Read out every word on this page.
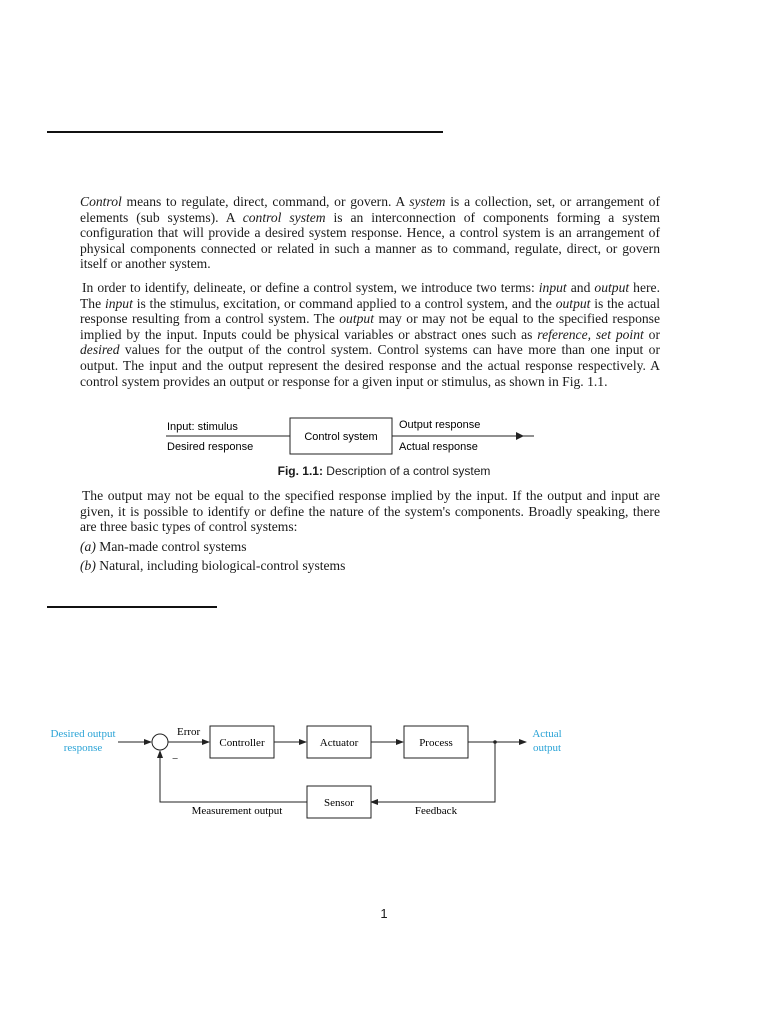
Control means to regulate, direct, command, or govern. A system is a collection, set, or arrangement of elements (sub systems). A control system is an interconnection of components forming a system configuration that will provide a desired system response. Hence, a control system is an arrangement of physical components connected or related in such a manner as to command, regulate, direct, or govern itself or another system.
In order to identify, delineate, or define a control system, we introduce two terms: input and output here. The input is the stimulus, excitation, or command applied to a control system, and the output is the actual response resulting from a control system. The output may or may not be equal to the specified response implied by the input. Inputs could be physical variables or abstract ones such as reference, set point or desired values for the output of the control system. Control systems can have more than one input or output. The input and the output represent the desired response and the actual response respectively. A control system provides an output or response for a given input or stimulus, as shown in Fig. 1.1.
Input: stimulus
Desired response
Control system
Output response
Actual response
Fig. 1.1: Description of a control system
The output may not be equal to the specified response implied by the input. If the output and input are given, it is possible to identify or define the nature of the system's components. Broadly speaking, there are three basic types of control systems:
(a) Man-made control systems
(b) Natural, including biological-control systems
Desired output
response
Error
−
Controller	Actuator	Process
Actual
output
Sensor
Measurement output	Feedback
1
